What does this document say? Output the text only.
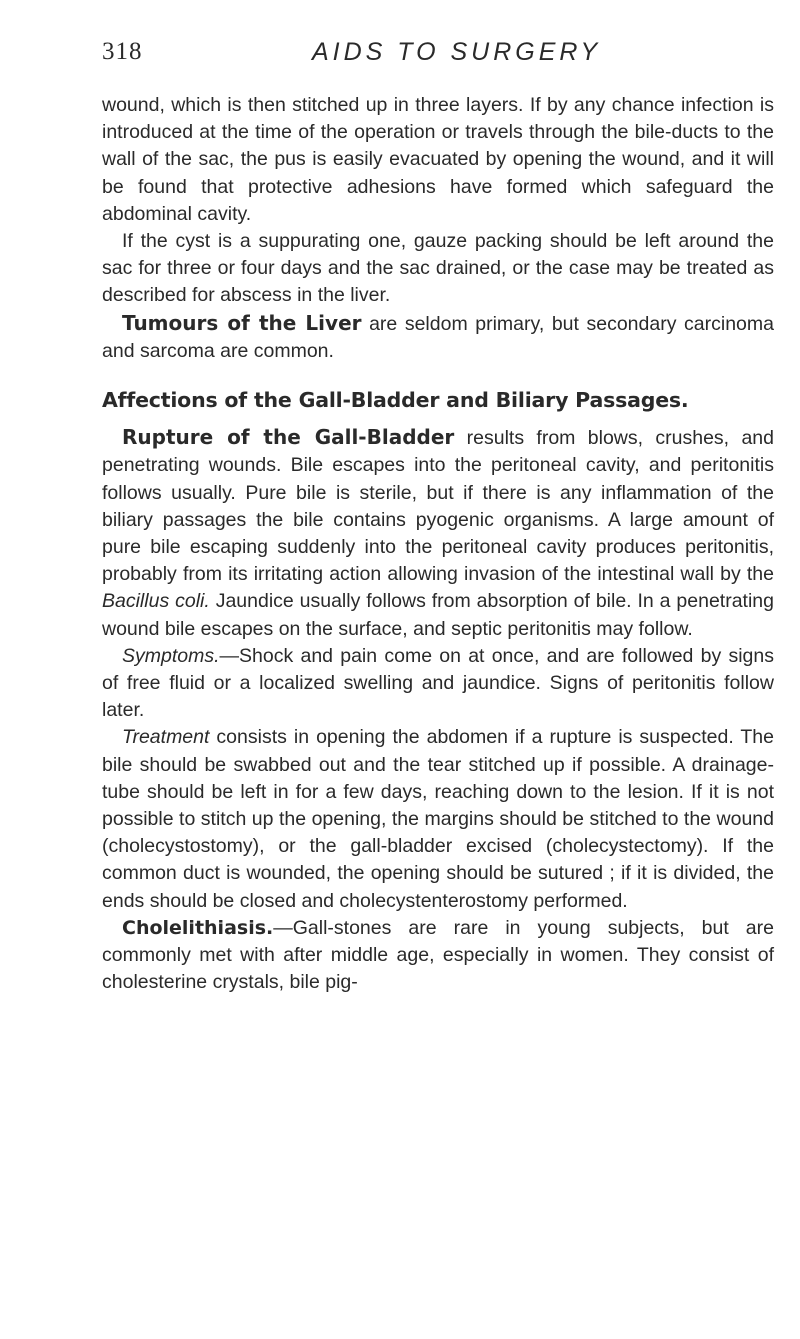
318	AIDS TO SURGERY

wound, which is then stitched up in three layers. If by any chance infection is introduced at the time of the operation or travels through the bile-ducts to the wall of the sac, the pus is easily evacuated by opening the wound, and it will be found that protective adhesions have formed which safeguard the abdominal cavity.

If the cyst is a suppurating one, gauze packing should be left around the sac for three or four days and the sac drained, or the case may be treated as described for abscess in the liver.

Tumours of the Liver are seldom primary, but secondary carcinoma and sarcoma are common.

Affections of the Gall-Bladder and Biliary Passages.

Rupture of the Gall-Bladder results from blows, crushes, and penetrating wounds. Bile escapes into the peritoneal cavity, and peritonitis follows usually. Pure bile is sterile, but if there is any inflammation of the biliary passages the bile contains pyogenic organisms. A large amount of pure bile escaping suddenly into the peritoneal cavity produces peritonitis, probably from its irritating action allowing invasion of the intestinal wall by the Bacillus coli. Jaundice usually follows from absorption of bile. In a penetrating wound bile escapes on the surface, and septic peritonitis may follow.

Symptoms.—Shock and pain come on at once, and are followed by signs of free fluid or a localized swelling and jaundice. Signs of peritonitis follow later.

Treatment consists in opening the abdomen if a rupture is suspected. The bile should be swabbed out and the tear stitched up if possible. A drainage-tube should be left in for a few days, reaching down to the lesion. If it is not possible to stitch up the opening, the margins should be stitched to the wound (cholecystostomy), or the gall-bladder excised (cholecystectomy). If the common duct is wounded, the opening should be sutured ; if it is divided, the ends should be closed and cholecystenterostomy performed.

Cholelithiasis.—Gall-stones are rare in young subjects, but are commonly met with after middle age, especially in women. They consist of cholesterine crystals, bile pig-
